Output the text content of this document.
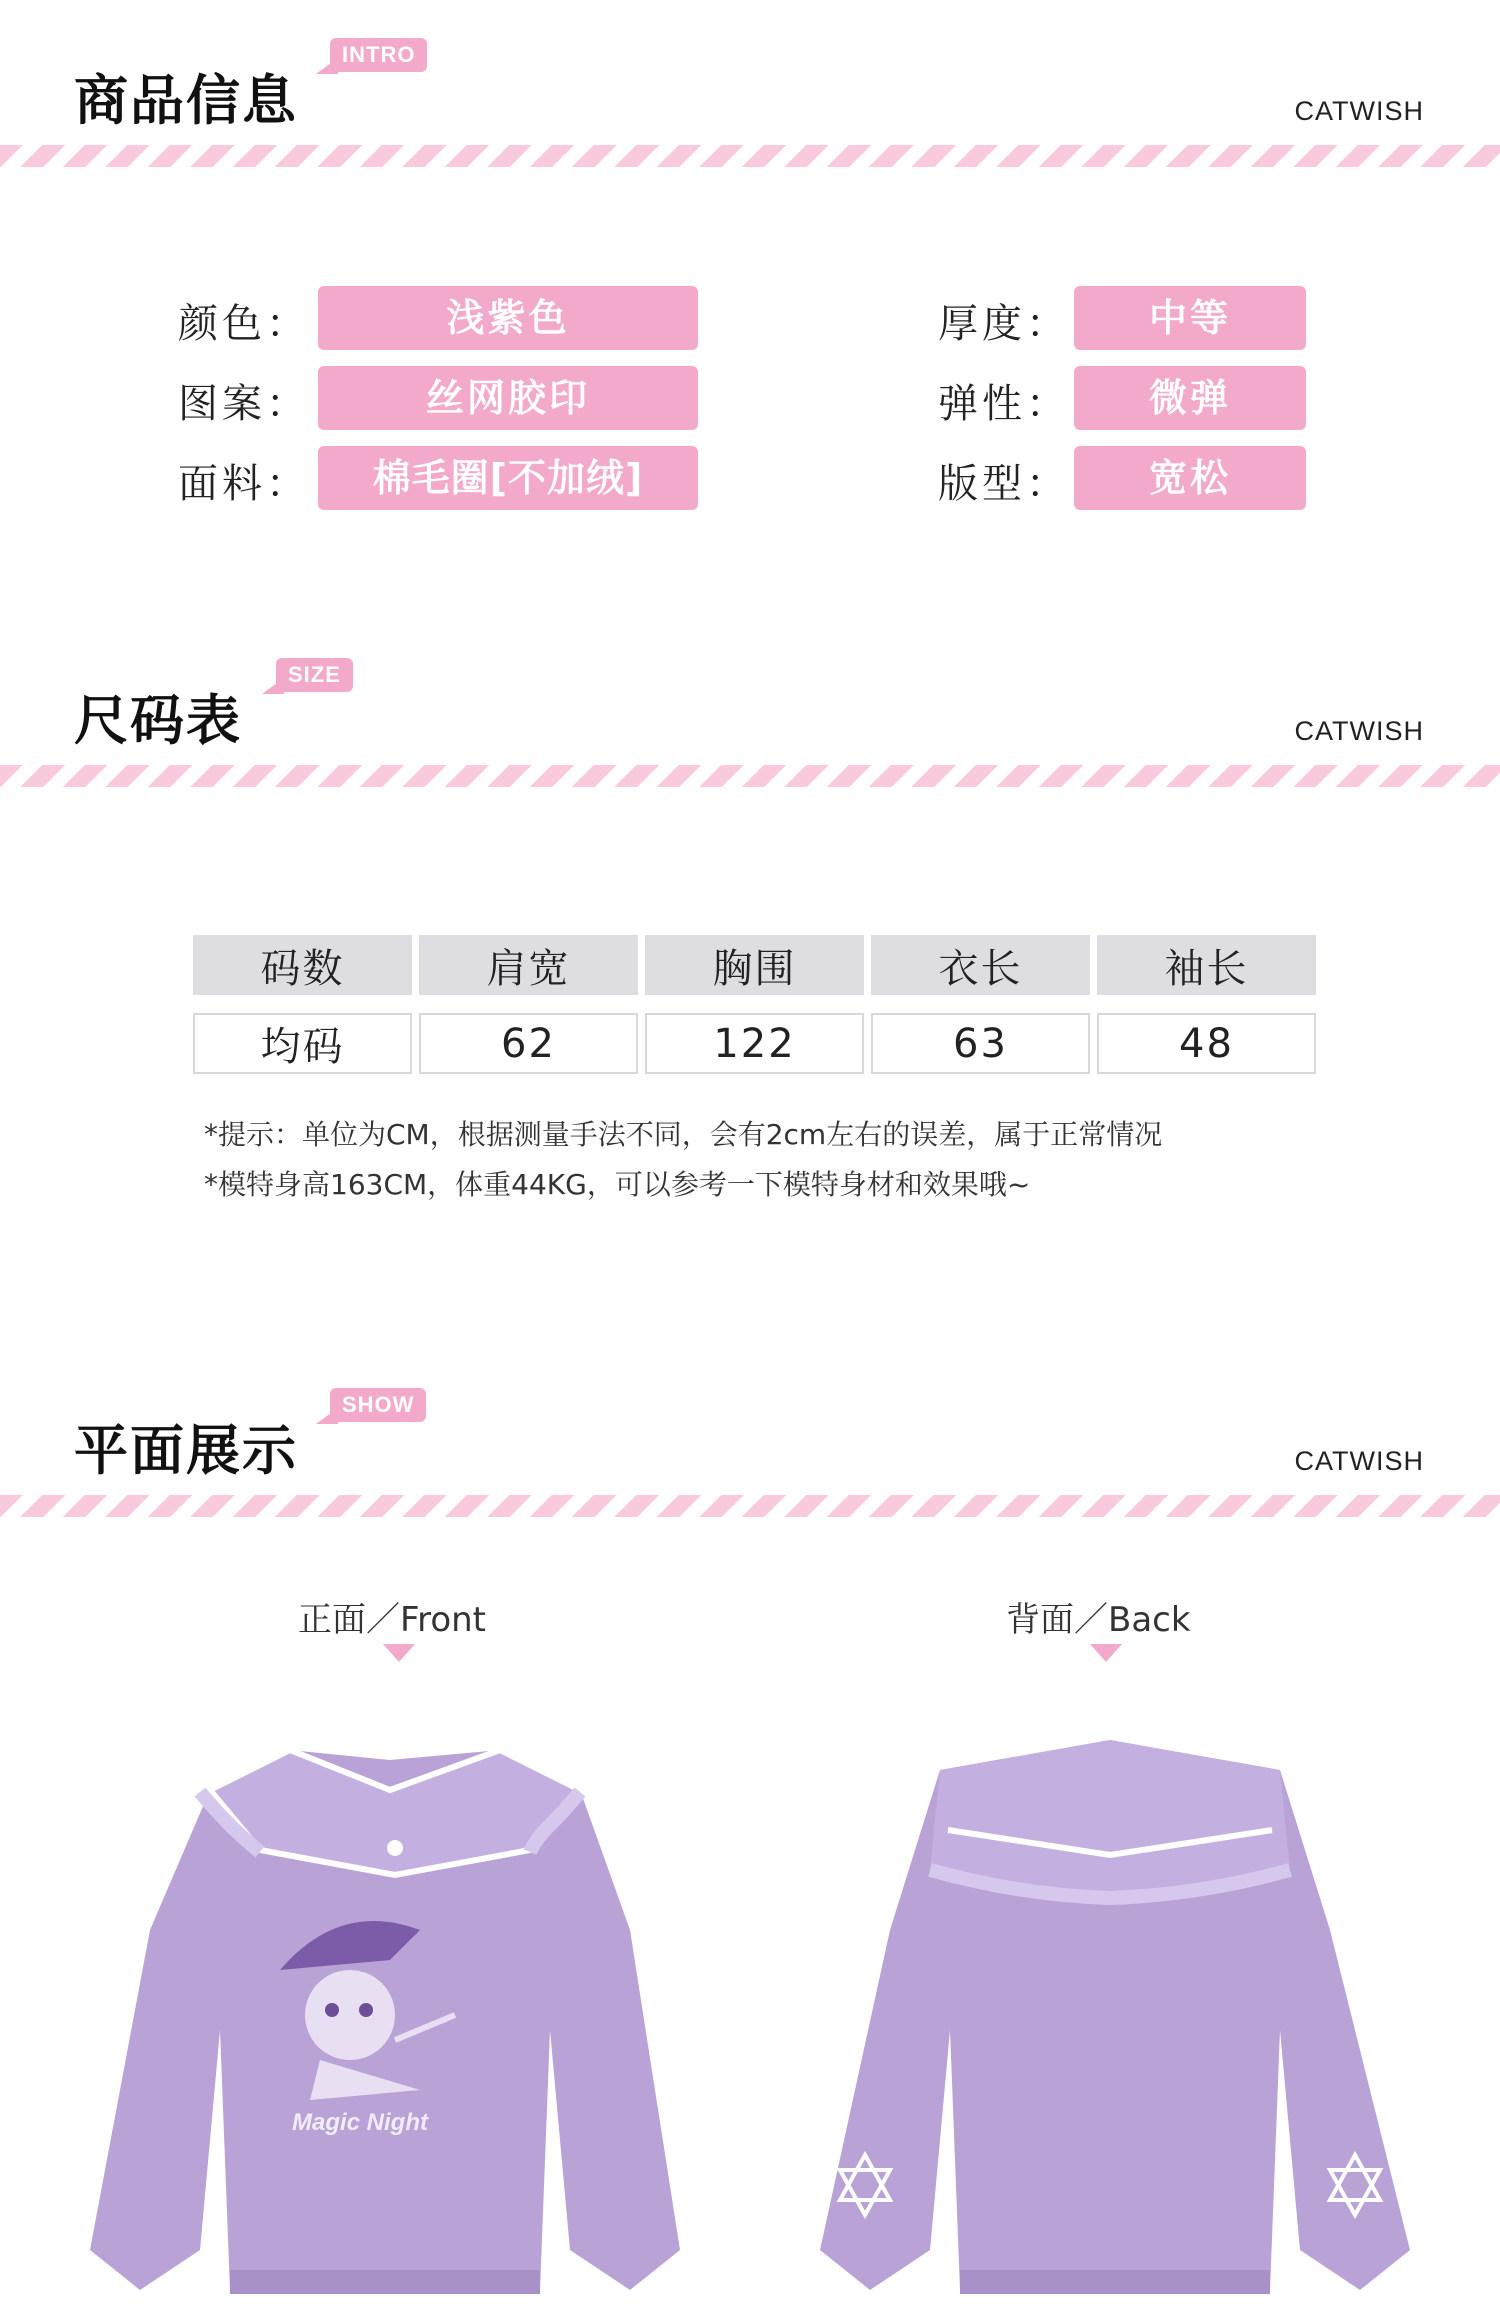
商品信息
INTRO
CATWISH
颜色：	浅紫色
图案：	丝网胶印
面料：	棉毛圈[不加绒]
厚度：	中等
弹性：	微弹
版型：	宽松
尺码表
SIZE
CATWISH
码数	肩宽	胸围	衣长	袖长

均码	62	122	63	48
*提示：单位为CM，根据测量手法不同，会有2cm左右的误差，属于正常情况
*模特身高163CM，体重44KG，可以参考一下模特身材和效果哦~
平面展示
SHOW
CATWISH
正面／Front	背面／Back
Magic Night
